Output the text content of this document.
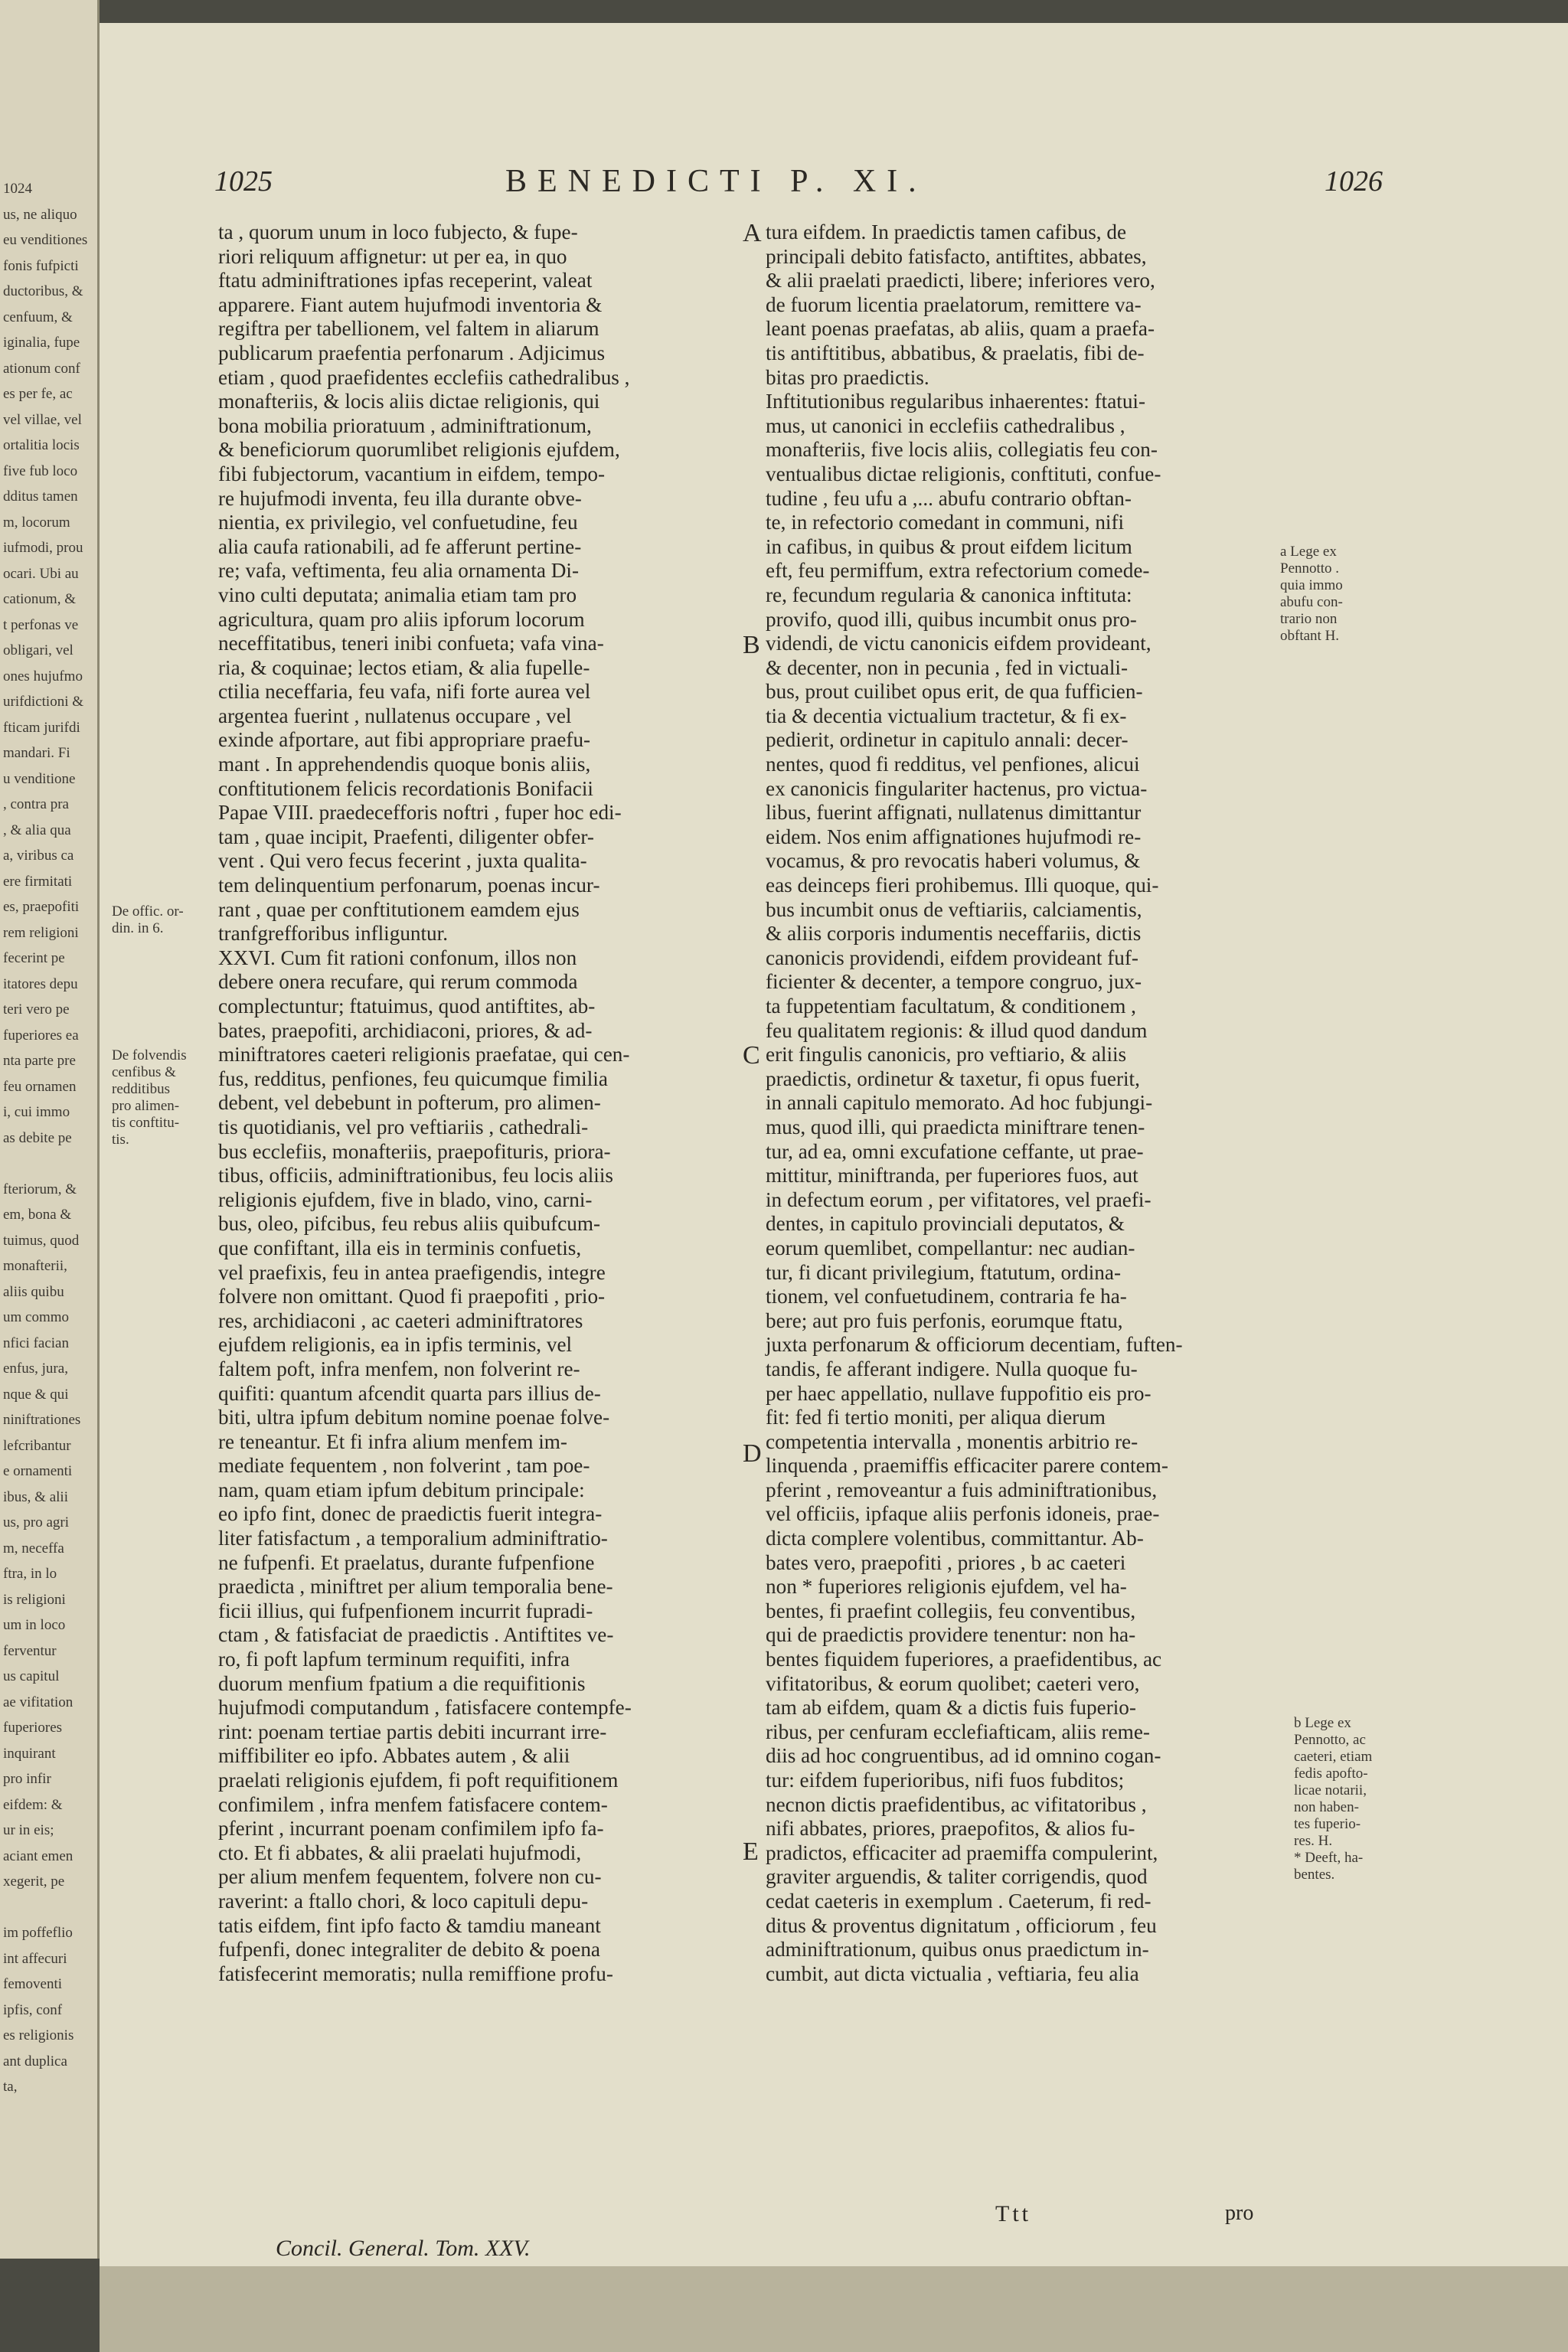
1024
us, ne aliquo
eu venditiones
fonis fufpicti
ductoribus, &
cenfuum, &
iginalia, fupe
ationum conf
es per fe, ac
vel villae, vel
ortalitia locis
five fub loco
dditus tamen
m, locorum
iufmodi, prou
ocari. Ubi au
cationum, &
t perfonas ve
obligari, vel
ones hujufmo
urifdictioni &
fticam jurifdi
mandari. Fi
u venditione
, contra pra
, & alia qua
a, viribus ca
ere firmitati
es, praepofiti
rem religioni
fecerint pe
itatores depu
teri vero pe
fuperiores ea
nta parte pre
feu ornamen
i, cui immo
as debite pe
fteriorum, &
em, bona &
tuimus, quod
monafterii,
aliis quibu
um commo
nfici facian
enfus, jura,
nque & qui
niniftrationes
lefcribantur
e ornamenti
ibus, & alii
us, pro agri
m, neceffa
ftra, in lo
is religioni
um in loco
ferventur
us capitul
ae vifitation
fuperiores
inquirant
pro infir
eifdem: &
ur in eis;
aciant emen
xegerit, pe
im poffeflio
int affecuri
femoventi
ipfis, conf
es religionis
ant duplica
ta,
1025	BENEDICTI P. XI.	1026
ta , quorum unum in loco fubjecto, & fupe-
riori reliquum affignetur: ut per ea, in quo
ftatu adminiftrationes ipfas receperint, valeat
apparere. Fiant autem hujufmodi inventoria &
regiftra per tabellionem, vel faltem in aliarum
publicarum praefentia perfonarum . Adjicimus
etiam , quod praefidentes ecclefiis cathedralibus ,
monafteriis, & locis aliis dictae religionis, qui
bona mobilia prioratuum , adminiftrationum,
& beneficiorum quorumlibet religionis ejufdem,
fibi fubjectorum, vacantium in eifdem, tempo-
re hujufmodi inventa, feu illa durante obve-
nientia, ex privilegio, vel confuetudine, feu
alia caufa rationabili, ad fe afferunt pertine-
re; vafa, veftimenta, feu alia ornamenta Di-
vino culti deputata; animalia etiam tam pro
agricultura, quam pro aliis ipforum locorum
neceffitatibus, teneri inibi confueta; vafa vina-
ria, & coquinae; lectos etiam, & alia fupelle-
ctilia neceffaria, feu vafa, nifi forte aurea vel
argentea fuerint , nullatenus occupare , vel
exinde afportare, aut fibi appropriare praefu-
mant . In apprehendendis quoque bonis aliis,
conftitutionem felicis recordationis Bonifacii
Papae VIII. praedecefforis noftri , fuper hoc edi-
tam , quae incipit, Praefenti, diligenter obfer-
vent . Qui vero fecus fecerint , juxta qualita-
tem delinquentium perfonarum, poenas incur-
rant , quae per conftitutionem eamdem ejus
tranfgrefforibus infliguntur.
XXVI. Cum fit rationi confonum, illos non
debere onera recufare, qui rerum commoda
complectuntur; ftatuimus, quod antiftites, ab-
bates, praepofiti, archidiaconi, priores, & ad-
miniftratores caeteri religionis praefatae, qui cen-
fus, redditus, penfiones, feu quicumque fimilia
debent, vel debebunt in pofterum, pro alimen-
tis quotidianis, vel pro veftiariis , cathedrali-
bus ecclefiis, monafteriis, praepofituris, priora-
tibus, officiis, adminiftrationibus, feu locis aliis
religionis ejufdem, five in blado, vino, carni-
bus, oleo, pifcibus, feu rebus aliis quibufcum-
que confiftant, illa eis in terminis confuetis,
vel praefixis, feu in antea praefigendis, integre
folvere non omittant. Quod fi praepofiti , prio-
res, archidiaconi , ac caeteri adminiftratores
ejufdem religionis, ea in ipfis terminis, vel
faltem poft, infra menfem, non folverint re-
quifiti: quantum afcendit quarta pars illius de-
biti, ultra ipfum debitum nomine poenae folve-
re teneantur. Et fi infra alium menfem im-
mediate fequentem , non folverint , tam poe-
nam, quam etiam ipfum debitum principale:
eo ipfo fint, donec de praedictis fuerit integra-
liter fatisfactum , a temporalium adminiftratio-
ne fufpenfi. Et praelatus, durante fufpenfione
praedicta , miniftret per alium temporalia bene-
ficii illius, qui fufpenfionem incurrit fupradi-
ctam , & fatisfaciat de praedictis . Antiftites ve-
ro, fi poft lapfum terminum requifiti, infra
duorum menfium fpatium a die requifitionis
hujufmodi computandum , fatisfacere contempfe-
rint: poenam tertiae partis debiti incurrant irre-
miffibiliter eo ipfo. Abbates autem , & alii
praelati religionis ejufdem, fi poft requifitionem
confimilem , infra menfem fatisfacere contem-
pferint , incurrant poenam confimilem ipfo fa-
cto. Et fi abbates, & alii praelati hujufmodi,
per alium menfem fequentem, folvere non cu-
raverint: a ftallo chori, & loco capituli depu-
tatis eifdem, fint ipfo facto & tamdiu maneant
fufpenfi, donec integraliter de debito & poena
fatisfecerint memoratis; nulla remiffione profu-
tura eifdem. In praedictis tamen cafibus, de
principali debito fatisfacto, antiftites, abbates,
& alii praelati praedicti, libere; inferiores vero,
de fuorum licentia praelatorum, remittere va-
leant poenas praefatas, ab aliis, quam a praefa-
tis antiftitibus, abbatibus, & praelatis, fibi de-
bitas pro praedictis.
Inftitutionibus regularibus inhaerentes: ftatui-
mus, ut canonici in ecclefiis cathedralibus ,
monafteriis, five locis aliis, collegiatis feu con-
ventualibus dictae religionis, conftituti, confue-
tudine , feu ufu a ,... abufu contrario obftan-
te, in refectorio comedant in communi, nifi
in cafibus, in quibus & prout eifdem licitum
eft, feu permiffum, extra refectorium comede-
re, fecundum regularia & canonica inftituta:
provifo, quod illi, quibus incumbit onus pro-
videndi, de victu canonicis eifdem provideant,
& decenter, non in pecunia , fed in victuali-
bus, prout cuilibet opus erit, de qua fufficien-
tia & decentia victualium tractetur, & fi ex-
pedierit, ordinetur in capitulo annali: decer-
nentes, quod fi redditus, vel penfiones, alicui
ex canonicis fingulariter hactenus, pro victua-
libus, fuerint affignati, nullatenus dimittantur
eidem. Nos enim affignationes hujufmodi re-
vocamus, & pro revocatis haberi volumus, &
eas deinceps fieri prohibemus. Illi quoque, qui-
bus incumbit onus de veftiariis, calciamentis,
& aliis corporis indumentis neceffariis, dictis
canonicis providendi, eifdem provideant fuf-
ficienter & decenter, a tempore congruo, jux-
ta fuppetentiam facultatum, & conditionem ,
feu qualitatem regionis: & illud quod dandum
erit fingulis canonicis, pro veftiario, & aliis
praedictis, ordinetur & taxetur, fi opus fuerit,
in annali capitulo memorato. Ad hoc fubjungi-
mus, quod illi, qui praedicta miniftrare tenen-
tur, ad ea, omni excufatione ceffante, ut prae-
mittitur, miniftranda, per fuperiores fuos, aut
in defectum eorum , per vifitatores, vel praefi-
dentes, in capitulo provinciali deputatos, &
eorum quemlibet, compellantur: nec audian-
tur, fi dicant privilegium, ftatutum, ordina-
tionem, vel confuetudinem, contraria fe ha-
bere; aut pro fuis perfonis, eorumque ftatu,
juxta perfonarum & officiorum decentiam, fuften-
tandis, fe afferant indigere. Nulla quoque fu-
per haec appellatio, nullave fuppofitio eis pro-
fit: fed fi tertio moniti, per aliqua dierum
competentia intervalla , monentis arbitrio re-
linquenda , praemiffis efficaciter parere contem-
pferint , removeantur a fuis adminiftrationibus,
vel officiis, ipfaque aliis perfonis idoneis, prae-
dicta complere volentibus, committantur. Ab-
bates vero, praepofiti , priores , b ac caeteri
non * fuperiores religionis ejufdem, vel ha-
bentes, fi praefint collegiis, feu conventibus,
qui de praedictis providere tenentur: non ha-
bentes fiquidem fuperiores, a praefidentibus, ac
vifitatoribus, & eorum quolibet; caeteri vero,
tam ab eifdem, quam & a dictis fuis fuperio-
ribus, per cenfuram ecclefiafticam, aliis reme-
diis ad hoc congruentibus, ad id omnino cogan-
tur: eifdem fuperioribus, nifi fuos fubditos;
necnon dictis praefidentibus, ac vifitatoribus ,
nifi abbates, priores, praepofitos, & alios fu-
pradictos, efficaciter ad praemiffa compulerint,
graviter arguendis, & taliter corrigendis, quod
cedat caeteris in exemplum . Caeterum, fi red-
ditus & proventus dignitatum , officiorum , feu
adminiftrationum, quibus onus praedictum in-
cumbit, aut dicta victualia , veftiaria, feu alia
A
B
C
D
E
De offic. or-
din. in 6.
De folvendis
cenfibus &
redditibus
pro alimen-
tis conftitu-
tis.
a Lege ex
Pennotto .
quia immo
abufu con-
trario non
obftant H.
b Lege ex
Pennotto, ac
caeteri, etiam
fedis apofto-
licae notarii,
non haben-
tes fuperio-
res. H.
* Deeft, ha-
bentes.
Concil. General. Tom. XXV.
Ttt	pro
